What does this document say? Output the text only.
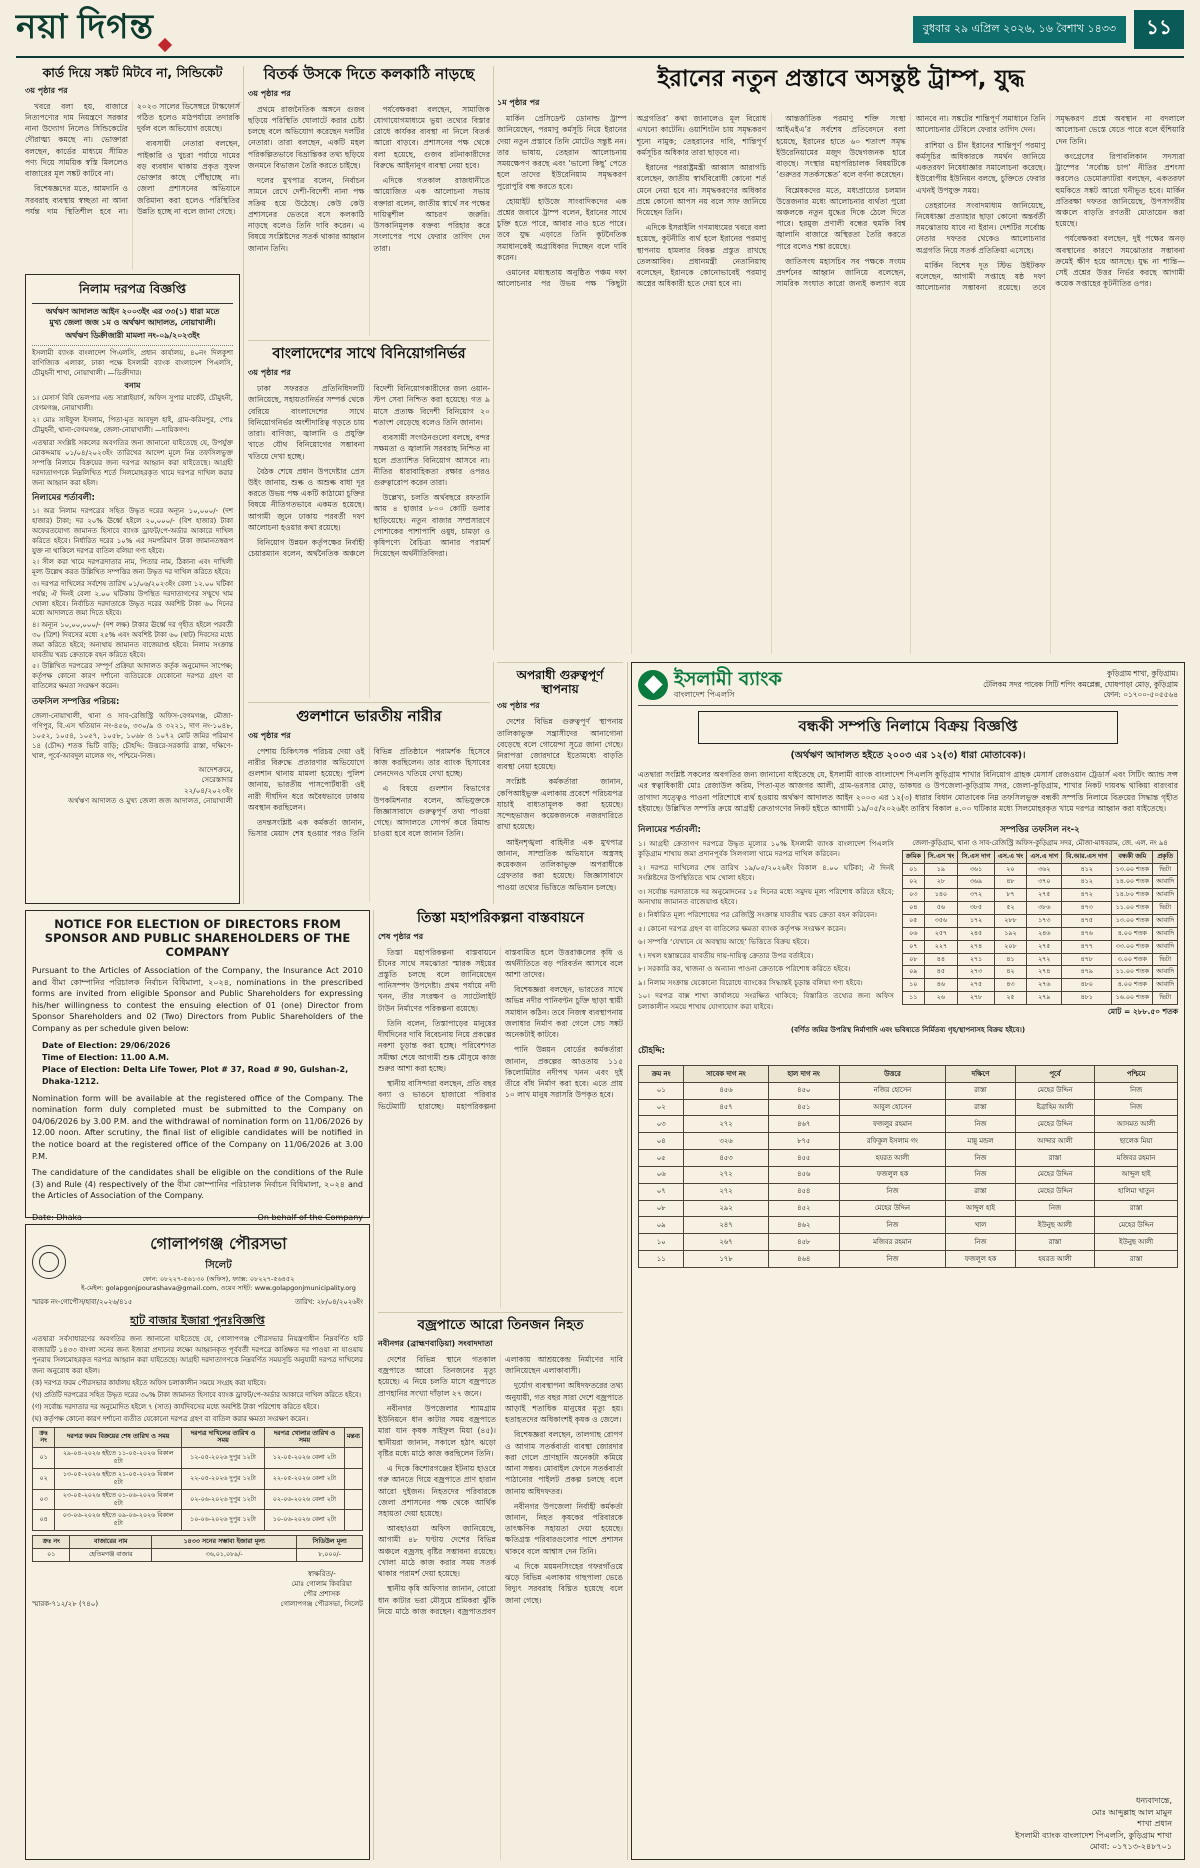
নয়া দিগন্ত	বুধবার ২৯ এপ্রিল ২০২৬, ১৬ বৈশাখ ১৪৩৩	১১
কার্ড দিয়ে সঙ্কট মিটবে না, সিন্ডিকেট
৩য় পৃষ্ঠার পর

খবরে বলা হয়, বাজারে নিত্যপণ্যের দাম নিয়ন্ত্রণে সরকার নানা উদ্যোগ নিলেও সিন্ডিকেটের দৌরাত্ম্য কমছে না। ভোক্তারা বলছেন, কার্ডের মাধ্যমে সীমিত পণ্য দিয়ে সাময়িক স্বস্তি মিললেও বাজারের মূল সঙ্কট কাটবে না।

বিশেষজ্ঞদের মতে, আমদানি ও সরবরাহ ব্যবস্থায় স্বচ্ছতা না আনা পর্যন্ত দাম স্থিতিশীল হবে না। ২০২৩ সালের ডিসেম্বরে টাস্কফোর্স গঠিত হলেও মাঠপর্যায়ে তদারকি দুর্বল বলে অভিযোগ রয়েছে।

ব্যবসায়ী নেতারা বলছেন, পাইকারি ও খুচরা পর্যায়ে দামের বড় ব্যবধান থাকায় প্রকৃত সুফল ভোক্তার কাছে পৌঁছাচ্ছে না। জেলা প্রশাসনের অভিযানে জরিমানা করা হলেও পরিস্থিতির উন্নতি হচ্ছে না বলে জানা গেছে।

নিলাম দরপত্র বিজ্ঞপ্তি
অর্থঋণ আদালত আইন ২০০৩ইং এর ৩৩(১) ধারা মতে
মুখ্য জেলা জজ ১ম ও অর্থঋণ আদালত, নোয়াখালী।
অর্থঋণ ডিক্রীজারী মামলা নং-০৯/২০২৩ইং

ইসলামী ব্যাংক বাংলাদেশ পিএলসি, প্রধান কার্যালয়, ৪০নং দিলকুশা বাণিজ্যিক এলাকা, ঢাকা পক্ষে ইসলামী ব্যাংক বাংলাদেশ পিএলসি, চৌমুহনী শাখা, নোয়াখালী। —ডিক্রীদার।

বনাম
১। মেসার্স বিবি ভেলপার এন্ড সাপ্লাইয়ার্স, অফিস সুপার মার্কেট, চৌমুহনী, বেগমগঞ্জ, নোয়াখালী।
২। মোঃ সাইফুল ইসলাম, পিতা-মৃত আবদুল হাই, গ্রাম-করিমপুর, পোঃ চৌমুহনী, থানা-বেগমগঞ্জ, জেলা-নোয়াখালী। —দায়িকগণ।

এতদ্বারা সংশ্লিষ্ট সকলের অবগতির জন্য জানানো যাইতেছে যে, উপর্যুক্ত মোকদ্দমায় ০১/০৪/২০২৩ইং তারিখের আদেশ মূলে নিম্ন তফসিলভুক্ত সম্পত্তি নিলামে বিক্রয়ের জন্য দরপত্র আহ্বান করা যাইতেছে। আগ্রহী দরদাতাগণকে নিম্নলিখিত শর্তে সিলমোহরকৃত খামে দরপত্র দাখিল করার জন্য আহ্বান করা হইল।

নিলামের শর্তাবলী:
১। অত্র নিলাম দরপত্রের সহিত উদ্ধৃত দরের অন্যূন ১০,০০০/- (দশ হাজার) টাকা; দর ২০% ঊর্ধ্বে হইলে ২০,০০০/- (বিশ হাজার) টাকা অফেরতযোগ্য জামানত হিসাবে ব্যাংক ড্রাফট/পে-অর্ডার আকারে দাখিল করিতে হইবে। নির্ধারিত দরের ১০% এর সমপরিমাণ টাকা জামানতস্বরূপ যুক্ত না থাকিলে দরপত্র বাতিল বলিয়া গণ্য হইবে।
২। সীল করা খামে দরপত্রদাতার নাম, পিতার নাম, ঠিকানা এবং দাখিলী মূল্য উল্লেখ করত উল্লিখিত সম্পত্তির জন্য উদ্ধৃত দর দাখিল করিতে হইবে।
৩। দরপত্র দাখিলের সর্বশেষ তারিখ ০১/০৬/২০২৩ইং বেলা ১২.০০ ঘটিকা পর্যন্ত; ঐ দিনই বেলা ২.০০ ঘটিকায় উপস্থিত দরদাতাগণের সম্মুখে খাম খোলা হইবে। নির্বাচিত দরদাতাকে উদ্ধৃত দরের অবশিষ্ট টাকা ৬০ দিনের মধ্যে আদালতে জমা দিতে হইবে।
৪। অন্যূন ১০,০০,০০০/- (দশ লক্ষ) টাকার ঊর্ধ্বে দর গৃহীত হইলে পরবর্তী ৩০ (ত্রিশ) দিবসের মধ্যে ২৫% এবং অবশিষ্ট টাকা ৬০ (ষাট) দিবসের মধ্যে জমা করিতে হইবে; অন্যথায় জামানত বাজেয়াপ্ত হইবে। নিলাম সংক্রান্ত যাবতীয় খরচ ক্রেতাকে বহন করিতে হইবে।
৫। উল্লিখিত দরপত্রের সম্পূর্ণ প্রক্রিয়া আদালত কর্তৃক অনুমোদন সাপেক্ষ; কর্তৃপক্ষ কোনো কারণ দর্শানো ব্যতিরেকে যেকোনো দরপত্র গ্রহণ বা বাতিলের ক্ষমতা সংরক্ষণ করেন।
তফসিল সম্পত্তির পরিচয়:

জেলা-নোয়াখালী, থানা ও সাব-রেজিস্ট্রি অফিস-বেগমগঞ্জ, মৌজা-গণিপুর, বি.এস খতিয়ান নং-৪৫৬, ৩৩০/৯ ও ৩২২১, দাগ নং-১০৪৮, ১০৫২, ১০৫৪, ১০৫৭, ১০৫৮, ১০৬৮ ও ১০৭২ মোট জমির পরিমাণ ১৪ (চৌদ্দ) শতক ভিটি বাড়ি; চৌহদ্দি: উত্তরে-সরকারি রাস্তা, দক্ষিণে-খাল, পূর্বে-আবদুল মালেক গং, পশ্চিমে-নিজ।

আদেশক্রমে,
সেরেস্তাদার
২২/০৪/২০২৩ইং
অর্থঋণ আদালত ও মুখ্য জেলা জজ আদালত, নোয়াখালী
বিতর্ক উসকে দিতে কলকাঠি নাড়ছে
৩য় পৃষ্ঠার পর

প্রথমে রাজনৈতিক অঙ্গনে গুজব ছড়িয়ে পরিস্থিতি ঘোলাটে করার চেষ্টা চলছে বলে অভিযোগ করেছেন দলটির নেতারা। তারা বলছেন, একটি মহল পরিকল্পিতভাবে বিভ্রান্তিকর তথ্য ছড়িয়ে জনমনে বিভাজন তৈরি করতে চাইছে।

দলের মুখপাত্র বলেন, নির্বাচন সামনে রেখে দেশী-বিদেশী নানা পক্ষ সক্রিয় হয়ে উঠেছে। কেউ কেউ প্রশাসনের ভেতরে বসে কলকাঠি নাড়ছে বলেও তিনি দাবি করেন। এ বিষয়ে সংশ্লিষ্টদের সতর্ক থাকার আহ্বান জানান তিনি।

পর্যবেক্ষকরা বলছেন, সামাজিক যোগাযোগমাধ্যমে ভুয়া তথ্যের বিস্তার রোধে কার্যকর ব্যবস্থা না নিলে বিতর্ক আরো বাড়বে। প্রশাসনের পক্ষ থেকে বলা হয়েছে, গুজব রটনাকারীদের বিরুদ্ধে আইনানুগ ব্যবস্থা নেয়া হবে।

এদিকে গতকাল রাজধানীতে আয়োজিত এক আলোচনা সভায় বক্তারা বলেন, জাতীয় স্বার্থে সব পক্ষের দায়িত্বশীল আচরণ জরুরি। উসকানিমূলক বক্তব্য পরিহার করে সংলাপের পথে ফেরার তাগিদ দেন তারা।

বাংলাদেশের সাথে বিনিয়োগনির্ভর
৩য় পৃষ্ঠার পর

ঢাকা সফররত প্রতিনিধিদলটি জানিয়েছে, সহায়তানির্ভর সম্পর্ক থেকে বেরিয়ে বাংলাদেশের সাথে বিনিয়োগনির্ভর অংশীদারিত্ব গড়তে চায় তারা। বাণিজ্য, জ্বালানি ও প্রযুক্তি খাতে যৌথ বিনিয়োগের সম্ভাবনা খতিয়ে দেখা হচ্ছে।

বৈঠক শেষে প্রধান উপদেষ্টার প্রেস উইং জানায়, শুল্ক ও অশুল্ক বাধা দূর করতে উভয় পক্ষ একটি কাঠামো চুক্তির বিষয়ে নীতিগতভাবে একমত হয়েছে। আগামী জুনে ঢাকায় পরবর্তী দফা আলোচনা হওয়ার কথা রয়েছে।

বিনিয়োগ উন্নয়ন কর্তৃপক্ষের নির্বাহী চেয়ারম্যান বলেন, অর্থনৈতিক অঞ্চলে বিদেশী বিনিয়োগকারীদের জন্য ওয়ান-স্টপ সেবা নিশ্চিত করা হয়েছে। গত ৯ মাসে প্রত্যক্ষ বিদেশী বিনিয়োগ ২০ শতাংশ বেড়েছে বলেও তিনি জানান।

ব্যবসায়ী সংগঠনগুলো বলছে, বন্দর সক্ষমতা ও জ্বালানি সরবরাহ নিশ্চিত না হলে প্রত্যাশিত বিনিয়োগ আসবে না। নীতির ধারাবাহিকতা রক্ষার ওপরও গুরুত্বারোপ করেন তারা।

উল্লেখ্য, চলতি অর্থবছরে রফতানি আয় ৪ হাজার ৮০০ কোটি ডলার ছাড়িয়েছে। নতুন বাজার সম্প্রসারণে পোশাকের পাশাপাশি ওষুধ, চামড়া ও কৃষিপণ্যে বৈচিত্র্য আনার পরামর্শ দিয়েছেন অর্থনীতিবিদরা।

গুলশানে ভারতীয় নারীর
৩য় পৃষ্ঠার পর

পেশায় চিকিৎসক পরিচয় দেয়া ওই নারীর বিরুদ্ধে প্রতারণার অভিযোগে গুলশান থানায় মামলা হয়েছে। পুলিশ জানায়, ভারতীয় পাসপোর্টধারী ওই নারী দীর্ঘদিন ধরে অবৈধভাবে ঢাকায় অবস্থান করছিলেন।

তদন্তসংশ্লিষ্ট এক কর্মকর্তা জানান, ভিসার মেয়াদ শেষ হওয়ার পরও তিনি বিভিন্ন প্রতিষ্ঠানে পরামর্শক হিসেবে কাজ করছিলেন। তার ব্যাংক হিসাবের লেনদেনও খতিয়ে দেখা হচ্ছে।

এ বিষয়ে গুলশান বিভাগের উপকমিশনার বলেন, অভিযুক্তকে জিজ্ঞাসাবাদে গুরুত্বপূর্ণ তথ্য পাওয়া গেছে। আদালতে সোপর্দ করে রিমান্ড চাওয়া হবে বলে জানান তিনি।

ইরানের নতুন প্রস্তাবে অসন্তুষ্ট ট্রাম্প, যুদ্ধ
১ম পৃষ্ঠার পর

মার্কিন প্রেসিডেন্ট ডোনাল্ড ট্রাম্প জানিয়েছেন, পরমাণু কর্মসূচি নিয়ে ইরানের দেয়া নতুন প্রস্তাবে তিনি মোটেও সন্তুষ্ট নন। তার ভাষায়, তেহরান আলোচনায় সময়ক্ষেপণ করছে এবং ‘ভালো কিছু’ পেতে হলে তাদের ইউরেনিয়াম সমৃদ্ধকরণ পুরোপুরি বন্ধ করতে হবে।

হোয়াইট হাউজে সাংবাদিকদের এক প্রশ্নের জবাবে ট্রাম্প বলেন, ইরানের সাথে চুক্তি হতে পারে, আবার নাও হতে পারে। তবে যুদ্ধ এড়াতে তিনি কূটনৈতিক সমাধানকেই অগ্রাধিকার দিচ্ছেন বলে দাবি করেন।

ওমানের মধ্যস্থতায় অনুষ্ঠিত পঞ্চম দফা আলোচনার পর উভয় পক্ষ ‘কিছুটা অগ্রগতির’ কথা জানালেও মূল বিরোধ এখনো কাটেনি। ওয়াশিংটন চায় সমৃদ্ধকরণ শূন্যে নামুক; তেহরানের দাবি, শান্তিপূর্ণ কর্মসূচির অধিকার তারা ছাড়বে না।

ইরানের পররাষ্ট্রমন্ত্রী আ‌ব্বাস আরাগচি বলেছেন, জাতীয় স্বার্থবিরোধী কোনো শর্ত মেনে নেয়া হবে না। সমৃদ্ধকরণের অধিকার প্রশ্নে কোনো আপস নয় বলে সাফ জানিয়ে দিয়েছেন তিনি।

এদিকে ইসরাইলি গণমাধ্যমের খবরে বলা হয়েছে, কূটনীতি ব্যর্থ হলে ইরানের পরমাণু স্থাপনায় হামলার বিকল্প প্রস্তুত রাখছে তেলআবিব। প্রধানমন্ত্রী নেতানিয়াহু বলেছেন, ইরানকে কোনোভাবেই পরমাণু অস্ত্রের অধিকারী হতে দেয়া হবে না।

আন্তর্জাতিক পরমাণু শক্তি সংস্থা আইএইএ’র সর্বশেষ প্রতিবেদনে বলা হয়েছে, ইরানের হাতে ৬০ শতাংশ সমৃদ্ধ ইউরেনিয়ামের মজুদ উদ্বেগজনক হারে বাড়ছে। সংস্থার মহাপরিচালক বিষয়টিকে ‘গুরুতর সতর্কসঙ্কেত’ বলে বর্ণনা করেছেন।

বিশ্লেষকদের মতে, মধ্যপ্রাচ্যের চলমান উত্তেজনার মধ্যে আলোচনার ব্যর্থতা পুরো অঞ্চলকে নতুন যুদ্ধের দিকে ঠেলে দিতে পারে। হরমুজ প্রণালী বন্ধের হুমকি বিশ্ব জ্বালানি বাজারে অস্থিরতা তৈরি করতে পারে বলেও শঙ্কা রয়েছে।

জাতিসংঘ মহাসচিব সব পক্ষকে সংযম প্রদর্শনের আহ্বান জানিয়ে বলেছেন, সামরিক সংঘাত কারো জন্যই কল্যাণ বয়ে আনবে না। সঙ্কটের শান্তিপূর্ণ সমাধানে তিনি আলোচনার টেবিলে ফেরার তাগিদ দেন।

রাশিয়া ও চীন ইরানের শান্তিপূর্ণ পরমাণু কর্মসূচির অধিকারকে সমর্থন জানিয়ে একতরফা নিষেধাজ্ঞার সমালোচনা করেছে। ইউরোপীয় ইউনিয়ন বলছে, চুক্তিতে ফেরার এখনই উপযুক্ত সময়।

তেহরানের সংবাদমাধ্যম জানিয়েছে, নিষেধাজ্ঞা প্রত্যাহার ছাড়া কোনো অন্তর্বর্তী সমঝোতায় যাবে না ইরান। দেশটির সর্বোচ্চ নেতার দফতর থেকেও আলোচনার অগ্রগতি নিয়ে সতর্ক প্রতিক্রিয়া এসেছে।

মার্কিন বিশেষ দূত স্টিভ উইটকফ বলেছেন, আগামী সপ্তাহে ষষ্ঠ দফা আলোচনার সম্ভাবনা রয়েছে। তবে সমৃদ্ধকরণ প্রশ্নে অবস্থান না বদলালে আলোচনা ভেস্তে যেতে পারে বলে হুঁশিয়ারি দেন তিনি।

কংগ্রেসের রিপাবলিকান সদস্যরা ট্রাম্পের ‘সর্বোচ্চ চাপ’ নীতির প্রশংসা করলেও ডেমোক্র্যাটরা বলছেন, একতরফা হুমকিতে সঙ্কট আরো ঘনীভূত হবে। মার্কিন প্রতিরক্ষা দফতর জানিয়েছে, উপসাগরীয় অঞ্চলে বাড়তি রণতরী মোতায়েন করা হয়েছে।

পর্যবেক্ষকরা বলছেন, দুই পক্ষের অনড় অবস্থানের কারণে সমঝোতার সম্ভাবনা ক্রমেই ক্ষীণ হয়ে আসছে। যুদ্ধ না শান্তি— সেই প্রশ্নের উত্তর নির্ভর করছে আগামী কয়েক সপ্তাহের কূটনীতির ওপর।

অপরাধী গুরুত্বপূর্ণ স্থাপনায়
৩য় পৃষ্ঠার পর

দেশের বিভিন্ন গুরুত্বপূর্ণ স্থাপনায় তালিকাভুক্ত সন্ত্রাসীদের আনাগোনা বেড়েছে বলে গোয়েন্দা সূত্রে জানা গেছে। নিরাপত্তা জোরদারে ইতোমধ্যে বাড়তি ব্যবস্থা নেয়া হয়েছে।

সংশ্লিষ্ট কর্মকর্তারা জানান, কেপিআইভুক্ত এলাকায় প্রবেশে পরিচয়পত্র যাচাই বাধ্যতামূলক করা হয়েছে। সন্দেহভাজন কয়েকজনকে নজরদারিতে রাখা হয়েছে।

আইনশৃঙ্খলা বাহিনীর এক মুখপাত্র জানান, সাম্প্রতিক অভিযানে অস্ত্রসহ কয়েকজন তালিকাভুক্ত অপরাধীকে গ্রেফতার করা হয়েছে। জিজ্ঞাসাবাদে পাওয়া তথ্যের ভিত্তিতে অভিযান চলছে।

NOTICE FOR ELECTION OF DIRECTORS FROM SPONSOR AND PUBLIC SHAREHOLDERS OF THE COMPANY

Pursuant to the Articles of Association of the Company, the Insurance Act 2010 and বীমা কোম্পানির পরিচালক নির্বাচন বিধিমালা, ২০২৪, nominations in the prescribed forms are invited from eligible Sponsor and Public Shareholders for expressing his/her willingness to contest the ensuing election of 01 (one) Director from Sponsor Shareholders and 02 (Two) Directors from Public Shareholders of the Company as per schedule given below:

Date of Election: 29/06/2026
Time of Election: 11.00 A.M.
Place of Election: Delta Life Tower, Plot # 37, Road # 90, Gulshan-2, Dhaka-1212.

Nomination form will be available at the registered office of the Company. The nomination form duly completed must be submitted to the Company on 04/06/2026 by 3.00 P.M. and the withdrawal of nomination form on 11/06/2026 by 12.00 noon. After scrutiny, the final list of eligible candidates will be notified in the notice board at the registered office of the Company on 11/06/2026 at 3.00 P.M.

The candidature of the candidates shall be eligible on the conditions of the Rule (3) and Rule (4) respectively of the বীমা কোম্পানির পরিচালক নির্বাচন বিধিমালা, ২০২৪ and the Articles of Association of the Company.

Date: Dhaka	On behalf of the Company
তিস্তা মহাপরিকল্পনা বাস্তবায়নে
শেষ পৃষ্ঠার পর

তিস্তা মহাপরিকল্পনা বাস্তবায়নে চীনের সাথে সমঝোতা স্মারক সইয়ের প্রস্তুতি চলছে বলে জানিয়েছেন পানিসম্পদ উপদেষ্টা। প্রথম পর্যায়ে নদী খনন, তীর সংরক্ষণ ও স্যাটেলাইট টাউন নির্মাণের পরিকল্পনা রয়েছে।

তিনি বলেন, তিস্তাপাড়ের মানুষের দীর্ঘদিনের দাবি বিবেচনায় নিয়ে প্রকল্পের নকশা চূড়ান্ত করা হচ্ছে। পরিবেশগত সমীক্ষা শেষে আগামী শুষ্ক মৌসুমে কাজ শুরুর আশা করা হচ্ছে।

স্থানীয় বাসিন্দারা বলছেন, প্রতি বছর বন্যা ও ভাঙনে হাজারো পরিবার ভিটেমাটি হারাচ্ছে। মহাপরিকল্পনা বাস্তবায়িত হলে উত্তরাঞ্চলের কৃষি ও অর্থনীতিতে বড় পরিবর্তন আসবে বলে আশা তাদের।

বিশেষজ্ঞরা বলছেন, ভারতের সাথে অভিন্ন নদীর পানিবণ্টন চুক্তি ছাড়া স্থায়ী সমাধান কঠিন। তবে নিজস্ব ব্যবস্থাপনায় জলাধার নির্মাণ করা গেলে সেচ সঙ্কট অনেকটাই কাটবে।

পানি উন্নয়ন বোর্ডের কর্মকর্তারা জানান, প্রকল্পের আওতায় ১১৫ কিলোমিটার নদীপথ খনন এবং দুই তীরে বাঁধ নির্মাণ করা হবে। এতে প্রায় ১০ লাখ মানুষ সরাসরি উপকৃত হবে।

বজ্রপাতে আরো তিনজন নিহত
নবীনগর (ব্রাহ্মণবাড়িয়া) সংবাদদাতা

দেশের বিভিন্ন স্থানে গতকাল বজ্রপাতে আরো তিনজনের মৃত্যু হয়েছে। এ নিয়ে চলতি মাসে বজ্রপাতে প্রাণহানির সংখ্যা দাঁড়াল ২৭ জনে।

নবীনগর উপজেলার শ্যামগ্রাম ইউনিয়নে ধান কাটার সময় বজ্রপাতে মারা যান কৃষক সাইফুল মিয়া (৪৫)। স্থানীয়রা জানান, সকালে হঠাৎ ঝড়ো বৃষ্টির মধ্যে মাঠে কাজ করছিলেন তিনি।

এ দিকে কিশোরগঞ্জের ইটনায় হাওরে গরু আনতে গিয়ে বজ্রপাতে প্রাণ হারান আরো দুইজন। নিহতদের পরিবারকে জেলা প্রশাসনের পক্ষ থেকে আর্থিক সহায়তা দেয়া হয়েছে।

আবহাওয়া অফিস জানিয়েছে, আগামী ৪৮ ঘণ্টায় দেশের বিভিন্ন অঞ্চলে বজ্রসহ বৃষ্টির সম্ভাবনা রয়েছে। খোলা মাঠে কাজ করার সময় সতর্ক থাকার পরামর্শ দেয়া হয়েছে।

স্থানীয় কৃষি অফিসার জানান, বোরো ধান কাটার ভরা মৌসুমে শ্রমিকরা ঝুঁকি নিয়ে মাঠে কাজ করছেন। বজ্রপাতপ্রবণ এলাকায় আশ্রয়কেন্দ্র নির্মাণের দাবি জানিয়েছেন এলাকাবাসী।

দুর্যোগ ব্যবস্থাপনা অধিদফতরের তথ্য অনুযায়ী, গত বছর সারা দেশে বজ্রপাতে আড়াই শতাধিক মানুষের মৃত্যু হয়। হতাহতদের অধিকাংশই কৃষক ও জেলে।

বিশেষজ্ঞরা বলছেন, তালগাছ রোপণ ও আগাম সতর্কবার্তা ব্যবস্থা জোরদার করা গেলে প্রাণহানি অনেকটা কমিয়ে আনা সম্ভব। মোবাইল ফোনে সতর্কবার্তা পাঠানোর পাইলট প্রকল্প চলছে বলে জানায় অধিদফতর।

নবীনগর উপজেলা নির্বাহী কর্মকর্তা জানান, নিহত কৃষকের পরিবারকে তাৎক্ষণিক সহায়তা দেয়া হয়েছে। ক্ষতিগ্রস্ত পরিবারগুলোর পাশে প্রশাসন থাকবে বলে আশ্বাস দেন তিনি।

এ দিকে ময়মনসিংহের গফরগাঁওয়ে ঝড়ে বিভিন্ন এলাকায় গাছপালা ভেঙে বিদ্যুৎ সরবরাহ বিঘ্নিত হয়েছে বলে জানা গেছে।

গোলাপগঞ্জ পৌরসভা
সিলেট
ফোন: ০৮২২৭-৫৬১৩০ (অফিস), ফ্যাক্স: ০৮২২৭-৫৬৪৫২
ই-মেইল: golapgonjpourashava@gmail.com, ওয়েব সাইট: www.golapgonjmunicipality.org
স্মারক নং-গোপৌস/হাবা/২০২৬/৪১৫	তারিখ: ২৮/০৪/২০২৬ইং
হাট বাজার ইজারা পুনঃবিজ্ঞপ্তি

এতদ্বারা সর্বসাধারণের অবগতির জন্য জানানো যাইতেছে যে, গোলাপগঞ্জ পৌরসভার নিয়ন্ত্রণাধীন নিম্নবর্ণিত হাট বাজারটি ১৪৩৩ বাংলা সনের জন্য ইজারা প্রদানের লক্ষ্যে আহ্বানকৃত পূর্ববর্তী দরপত্রে কাঙ্ক্ষিত দর পাওয়া না যাওয়ায় পুনরায় সিলমোহরকৃত দরপত্র আহ্বান করা যাইতেছে। আগ্রহী দরদাতাগণকে নিম্নবর্ণিত সময়সূচি অনুযায়ী দরপত্র দাখিলের জন্য অনুরোধ করা হইল।

(ক) দরপত্র ফরম পৌরসভার কার্যালয় হইতে অফিস চলাকালীন সময়ে সংগ্রহ করা যাইবে।
(খ) প্রতিটি দরপত্রের সহিত উদ্ধৃত দরের ৩০% টাকা জামানত হিসাবে ব্যাংক ড্রাফট/পে-অর্ডার আকারে দাখিল করিতে হইবে।
(গ) সর্বোচ্চ দরদাতার দর অনুমোদিত হইলে ৭ (সাত) কার্যদিবসের মধ্যে অবশিষ্ট টাকা পরিশোধ করিতে হইবে।
(ঘ) কর্তৃপক্ষ কোনো কারণ দর্শানো ব্যতীত যেকোনো দরপত্র গ্রহণ বা বাতিল করার ক্ষমতা সংরক্ষণ করেন।
ক্রঃ নং	দরপত্র ফরম বিক্রয়ের শেষ তারিখ ও সময়	দরপত্র দাখিলের তারিখ ও সময়	দরপত্র খোলার তারিখ ও সময়	মন্তব্য
০১	২৯-০৪-২০২৬ হইতে ১১-০৫-২০২৬ বিকাল ৫টা	১২-০৫-২০২৬ দুপুর ১২টা	১২-০৫-২০২৬ বেলা ২টা	
০২	১৩-০৫-২০২৬ হইতে ২১-০৫-২০২৬ বিকাল ৫টা	২২-০৫-২০২৬ দুপুর ১২টা	২২-০৫-২০২৬ বেলা ২টা	
০৩	২৩-০৫-২০২৬ হইতে ০১-০৬-২০২৬ বিকাল ৫টা	০২-০৬-২০২৬ দুপুর ১২টা	০২-০৬-২০২৬ বেলা ২টা	
০৪	০৩-০৬-২০২৬ হইতে ০৯-০৬-২০২৬ বিকাল ৫টা	১০-০৬-২০২৬ দুপুর ১২টা	১০-০৬-২০২৬ বেলা ২টা	
ক্রঃ নং	বাজারের নাম	১৪৩৩ সনের সম্ভাব্য ইজারা মূল্য	সিডিউল মূল্য
০১	হেতিমগঞ্জ বাজার	৩৬,০১,০৮৯/-	৮,০০০/-
স্মারক-৭১২/২৮ (৭৪০)
স্বাক্ষরিত/-
মোঃ গোলাম কিবরিয়া
পৌর প্রশাসক
গোলাপগঞ্জ পৌরসভা, সিলেট
ইসলামী ব্যাংক
বাংলাদেশ পিএলসি
কুড়িগ্রাম শাখা, কুড়িগ্রাম।
টেলিকম সদর পাবেক সিটি শপিং কমপ্লেক্স, ঘোষপাড়া মোড়, কুড়িগ্রাম
ফোন: ০১৭০০-৫০৫৫৬৪
বন্ধকী সম্পত্তি নিলামে বিক্রয় বিজ্ঞপ্তি
(অর্থঋণ আদালত হইতে ২০০৩ এর ১২(৩) ধারা মোতাবেক)।

এতদ্বারা সংশ্লিষ্ট সকলের অবগতির জন্য জানানো যাইতেছে যে, ইসলামী ব্যাংক বাংলাদেশ পিএলসি কুড়িগ্রাম শাখার বিনিয়োগ গ্রাহক মেসার্স রেজওয়ান ট্রেডার্স এবং সিটিং অ্যান্ড সন্স এর স্বত্বাধিকারী মোঃ রেজাউল করিম, পিতা-মৃত আজগর আলী, গ্রাম-ভরসার মোড়, ডাকঘর ও উপজেলা-কুড়িগ্রাম সদর, জেলা-কুড়িগ্রাম, শাখার নিকট দায়বদ্ধ থাকিয়া বারংবার তাগাদা সত্ত্বেও পাওনা পরিশোধে ব্যর্থ হওয়ায় অর্থঋণ আদালত আইন ২০০৩ এর ১২(৩) ধারার বিধান মোতাবেক নিম্ন তফসিলভুক্ত বন্ধকী সম্পত্তি নিলামে বিক্রয়ের সিদ্ধান্ত গৃহীত হইয়াছে। উল্লিখিত সম্পত্তি ক্রয়ে আগ্রহী ক্রেতাগণের নিকট হইতে আগামী ১৯/০৫/২০২৬ইং তারিখ বিকাল ৪.০০ ঘটিকার মধ্যে সিলমোহরকৃত খামে দরপত্র আহ্বান করা যাইতেছে।

নিলামের শর্তাবলী:
১। আগ্রহী ক্রেতাগণ দরপত্রে উদ্ধৃত মূল্যের ১০% ইসলামী ব্যাংক বাংলাদেশ পিএলসি কুড়িগ্রাম শাখায় জমা প্রদানপূর্বক সিলগালা খামে দরপত্র দাখিল করিবেন।
২। দরপত্র দাখিলের শেষ তারিখ ১৯/০৫/২০২৬ইং বিকাল ৪.০০ ঘটিকা; ঐ দিনই সংশ্লিষ্টদের উপস্থিতিতে খাম খোলা হইবে।
৩। সর্বোচ্চ দরদাতাকে দর অনুমোদনের ১৫ দিনের মধ্যে সমুদয় মূল্য পরিশোধ করিতে হইবে; অন্যথায় জামানত বাজেয়াপ্ত হইবে।
৪। নির্ধারিত মূল্য পরিশোধের পর রেজিস্ট্রি সংক্রান্ত যাবতীয় খরচ ক্রেতা বহন করিবেন।
৫। কোনো দরপত্র গ্রহণ বা বাতিলের ক্ষমতা ব্যাংক কর্তৃপক্ষ সংরক্ষণ করেন।
৬। সম্পত্তি ‘যেখানে যে অবস্থায় আছে’ ভিত্তিতে বিক্রয় হইবে।
৭। দখল হস্তান্তরের যাবতীয় দায়-দায়িত্ব ক্রেতার উপর বর্তাইবে।
৮। সরকারি কর, খাজনা ও অন্যান্য পাওনা ক্রেতাকে পরিশোধ করিতে হইবে।
৯। নিলাম সংক্রান্ত যেকোনো বিরোধে ব্যাংকের সিদ্ধান্তই চূড়ান্ত বলিয়া গণ্য হইবে।
১০। দরপত্র বাক্স শাখা কার্যালয়ে সংরক্ষিত থাকিবে; বিস্তারিত তথ্যের জন্য অফিস চলাকালীন সময়ে শাখায় যোগাযোগ করা যাইবে।
সম্পত্তির তফসিল নং-২
জেলা-কুড়িগ্রাম, থানা ও সাব-রেজিস্ট্রি অফিস-কুড়িগ্রাম সদর, মৌজা-মাধবরাম, জে. এল. নং ৯৪
ক্রমিক	সি.এস খং	সি.এস দাগ	এস.এ খং	এস.এ দাগ	বি.আর.এস দাগ	বন্ধকী জমি	প্রকৃতি
০১	১৯	৩৬১	২০	৩৬২	৪১২	১৩.০০ শতক	ভিটা
০২	২৮	৩৬৯	৪৮	৩৭০	৪১২	১৪.০০ শতক	আবাদি
০৩	১৪০	৩৭২	৮৭	২৭৫	৪৭২	১৪.৮০ শতক	আবাদি
০৪	৫৬	৩৮৫	৫২	৩৮৬	৪৭৩	১১.০০ শতক	ভিটা
০৫	৩৫৬	১৭২	২৮৮	১৭৩	৪৭৫	১৩.০০ শতক	আবাদি
০৬	২৫৭	২৪৫	১৯২	২৪৬	৪৭৬	৪.০০ শতক	আবাদি
০৭	২২৭	২৭৪	২০৮	২৭৫	৪৭৭	৩৩.০০ শতক	আবাদি
০৮	৪৪	২৭১	৪১	২৭২	৪৭৮	৩.০০ শতক	ভিটা
০৯	৪৫	২৭৩	৪২	২৭৪	৪৭৯	১১.০০ শতক	আবাদি
১০	৪৬	২৭৫	৪৩	২৭৬	৪৮০	৪.০০ শতক	আবাদি
১১	২৬	২৭৮	২৫	২৭৯	৪৮১	১৬.০০ শতক	ভিটা
মোট = ২৮৮.৫০ শতক
(বর্ণিত জমির উপরিস্থ নির্মাণাদি এবং ভবিষ্যতে নির্মিতব্য গৃহ/স্থাপনাসহ বিক্রয় হইবে।)
চৌহদ্দি:
ক্রম নং	সাবেক দাগ নং	হাল দাগ নং	উত্তরে	দক্ষিণে	পূর্বে	পশ্চিমে
০১	৪৫৬	৪৫০	নজির হোসেন	রাস্তা	মেহের উদ্দিন	নিজ
০২	৪৫৭	৪৫১	আবুল হোসেন	রাস্তা	ইব্রাহিম আলী	নিজ
০৩	২৭২	৪৬৭	ফজলুর রহমান	নিজ	মেহের উদ্দিন	আসমত আলী
০৪	৩২৬	৮৭৫	রফিকুল ইসলাম গং	মান্নু মন্ডল	আব্দার আলী	ছালেক মিয়া
০৫	৪৫৩	৪৫৫	হযরত আলী	নিজ	রাস্তা	মজিবর রহমান
০৬	২৭২	৪৫৬	ফজলুল হক	নিজ	মেহের উদ্দিন	আব্দুল হাই
০৭	২৭২	৪৫৪	নিজ	রাস্তা	মেহের উদ্দিন	হালিমা খাতুন
০৮	২৯২	৪৫২	মেহের উদ্দিন	আব্দুল হাই	নিজ	রাস্তা
০৯	২৪৭	৪৬২	নিজ	খাল	ইউনুছ আলী	মেহের উদ্দিন
১০	২৬৭	৪৫৮	মজিবর রহমান	নিজ	রাস্তা	ইউনুছ আলী
১১	১৭৮	৪৬৪	নিজ	ফজলুল হক	হযরত আলী	রাস্তা
ধন্যবাদান্তে,
মোঃ আব্দুল্লাহ আল মামুন
শাখা প্রধান
ইসলামী ব্যাংক বাংলাদেশ পিএলসি, কুড়িগ্রাম শাখা
মোবা: ০১৭১৩-২৪৮৭০১
